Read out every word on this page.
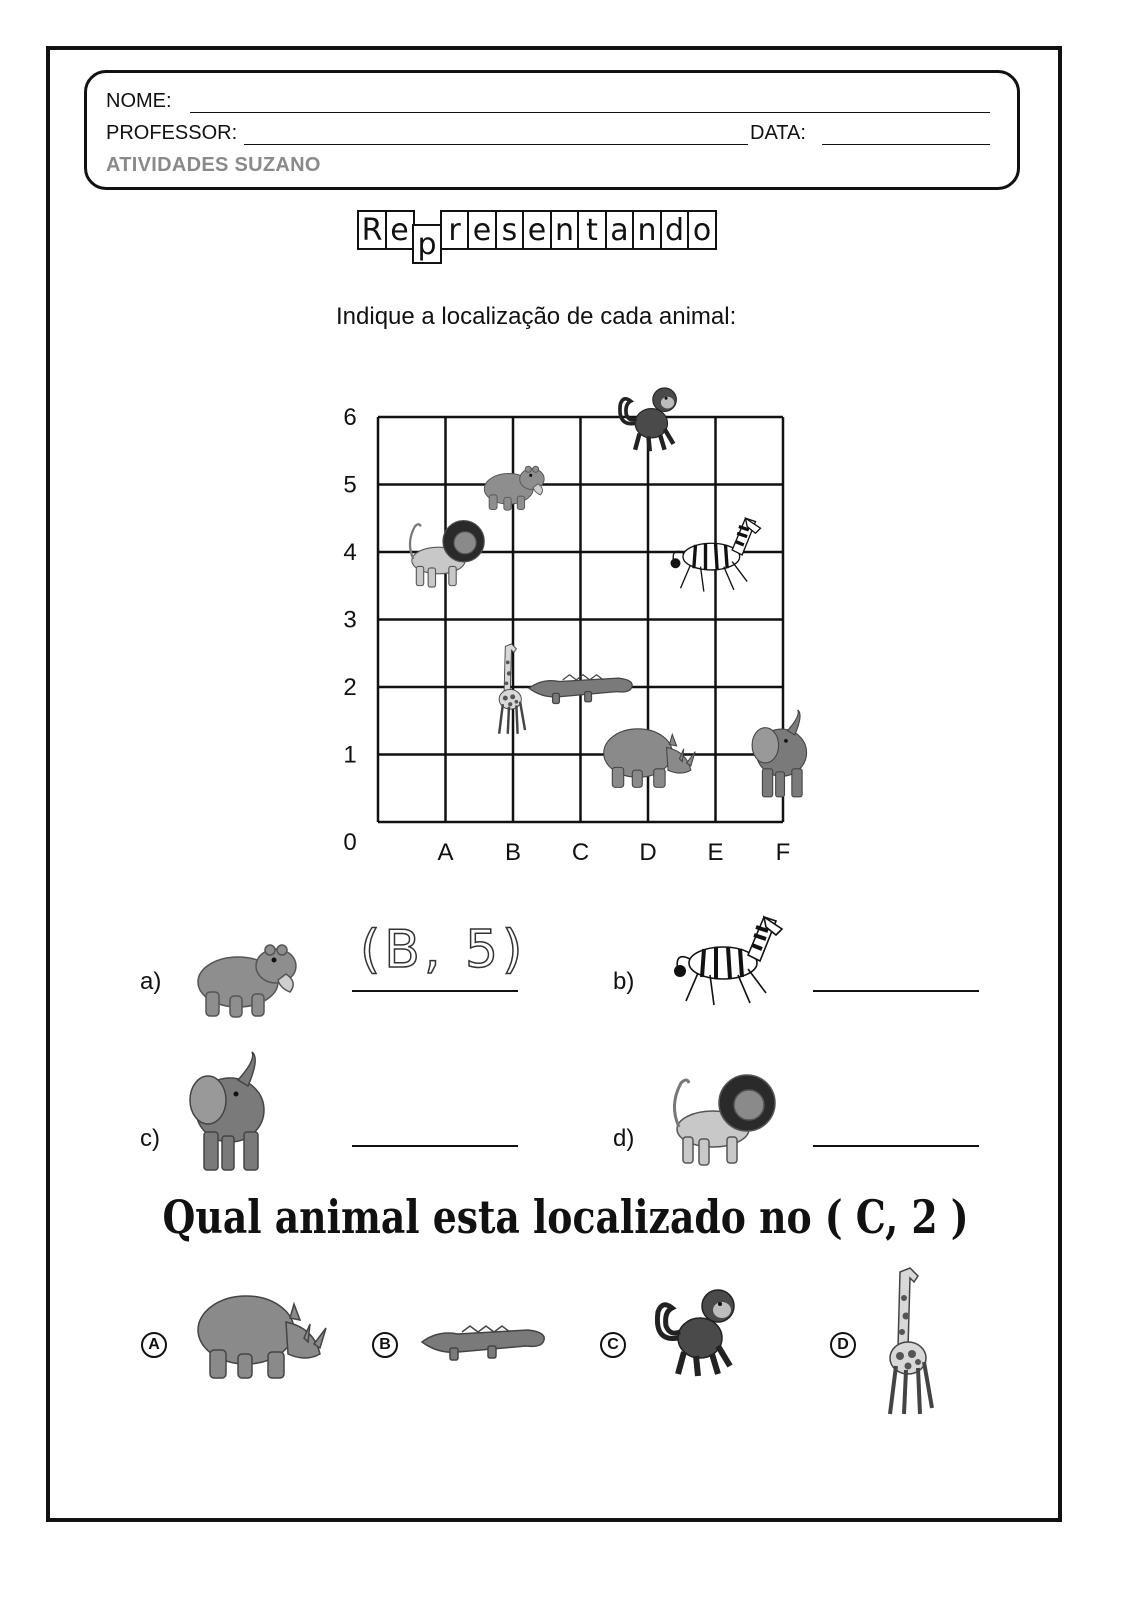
NOME:
PROFESSOR:	DATA:
ATIVIDADES SUZANO
R e p r e s e n t a n d o
Indique a localização de cada animal:
6
5
4
3
2
1
0	A B C D E F
a)	b)
c)	d)
(B, 5)
Qual animal esta localizado no ( C, 2 )
A	B	C	D
